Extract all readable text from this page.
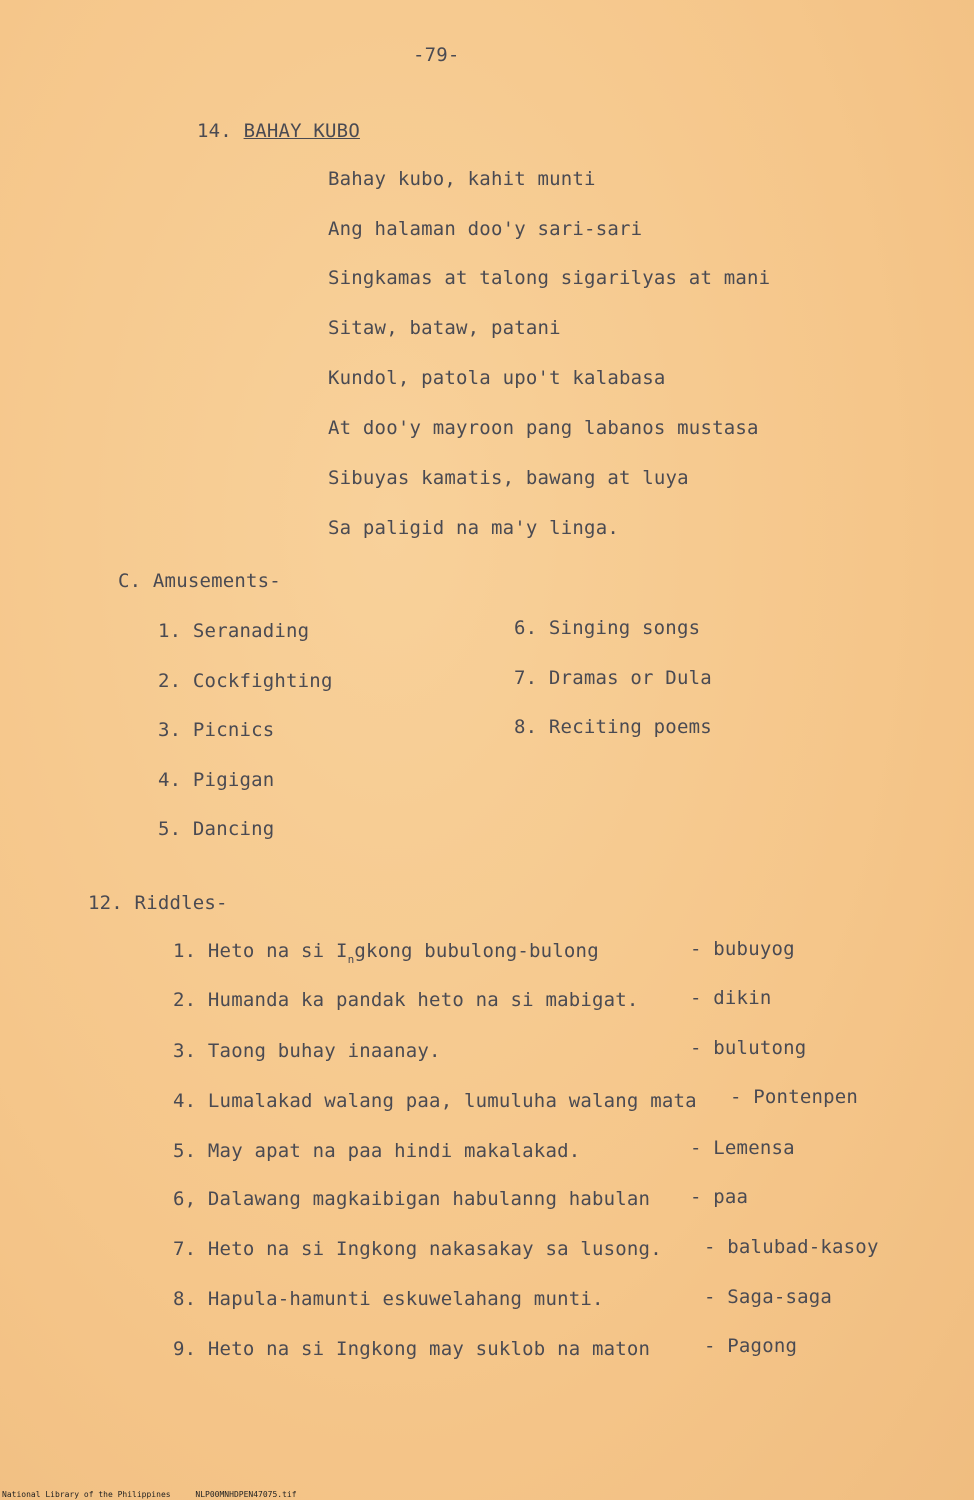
-79-
14. BAHAY KUBO
Bahay kubo, kahit munti
Ang halaman doo'y sari-sari
Singkamas at talong sigarilyas at mani
Sitaw, bataw, patani
Kundol, patola upo't kalabasa
At doo'y mayroon pang labanos mustasa
Sibuyas kamatis, bawang at luya
Sa paligid na ma'y linga.
C. Amusements-
1. Seranading
2. Cockfighting
3. Picnics
4. Pigigan
5. Dancing
6. Singing songs
7. Dramas or Dula
8. Reciting poems
12. Riddles-
1. Heto na si $I_ngkong$ bubulong-bulong	- bubuyog
2. Humanda ka pandak heto na si mabigat.	- dikin
3. Taong buhay inaanay.	- bulutong
4. Lumalakad walang paa, lumuluha walang mata - Pontenpen
5. May apat na paa hindi makalakad.	- Lemensa
6, Dalawang magkaibigan habulanng habulan - paa
7. Heto na si Ingkong nakasakay sa lusong. - balubad-kasoy
8. Hapula-hamunti eskuwelahang munti.	- Saga-saga
9. Heto na si Ingkong may suklob na maton	- Pagong
National Library of the Philippines	NLP00MNHDPEN47075.tif
